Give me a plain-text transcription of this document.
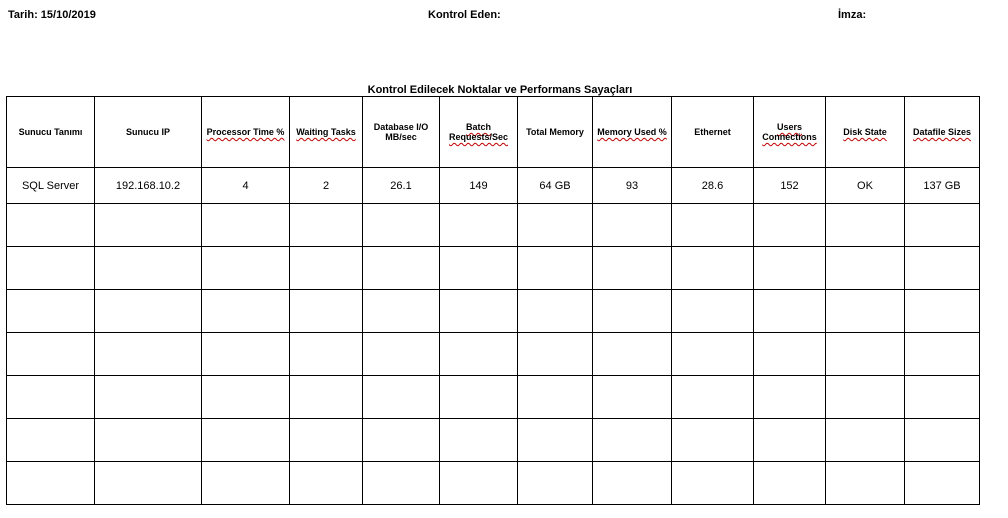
Tarih: 15/10/2019	Kontrol Eden:	İmza:
Kontrol Edilecek Noktalar ve Performans Sayaçları
Sunucu Tanımı	Sunucu IP	Processor Time %	Waiting Tasks	Database I/O MB/sec	Batch Requests/Sec	Total Memory	Memory Used %	Ethernet	Users Connections	Disk State	Datafile Sizes
SQL Server	192.168.10.2	4	2	26.1	149	64 GB	93	28.6	152	OK	137 GB
